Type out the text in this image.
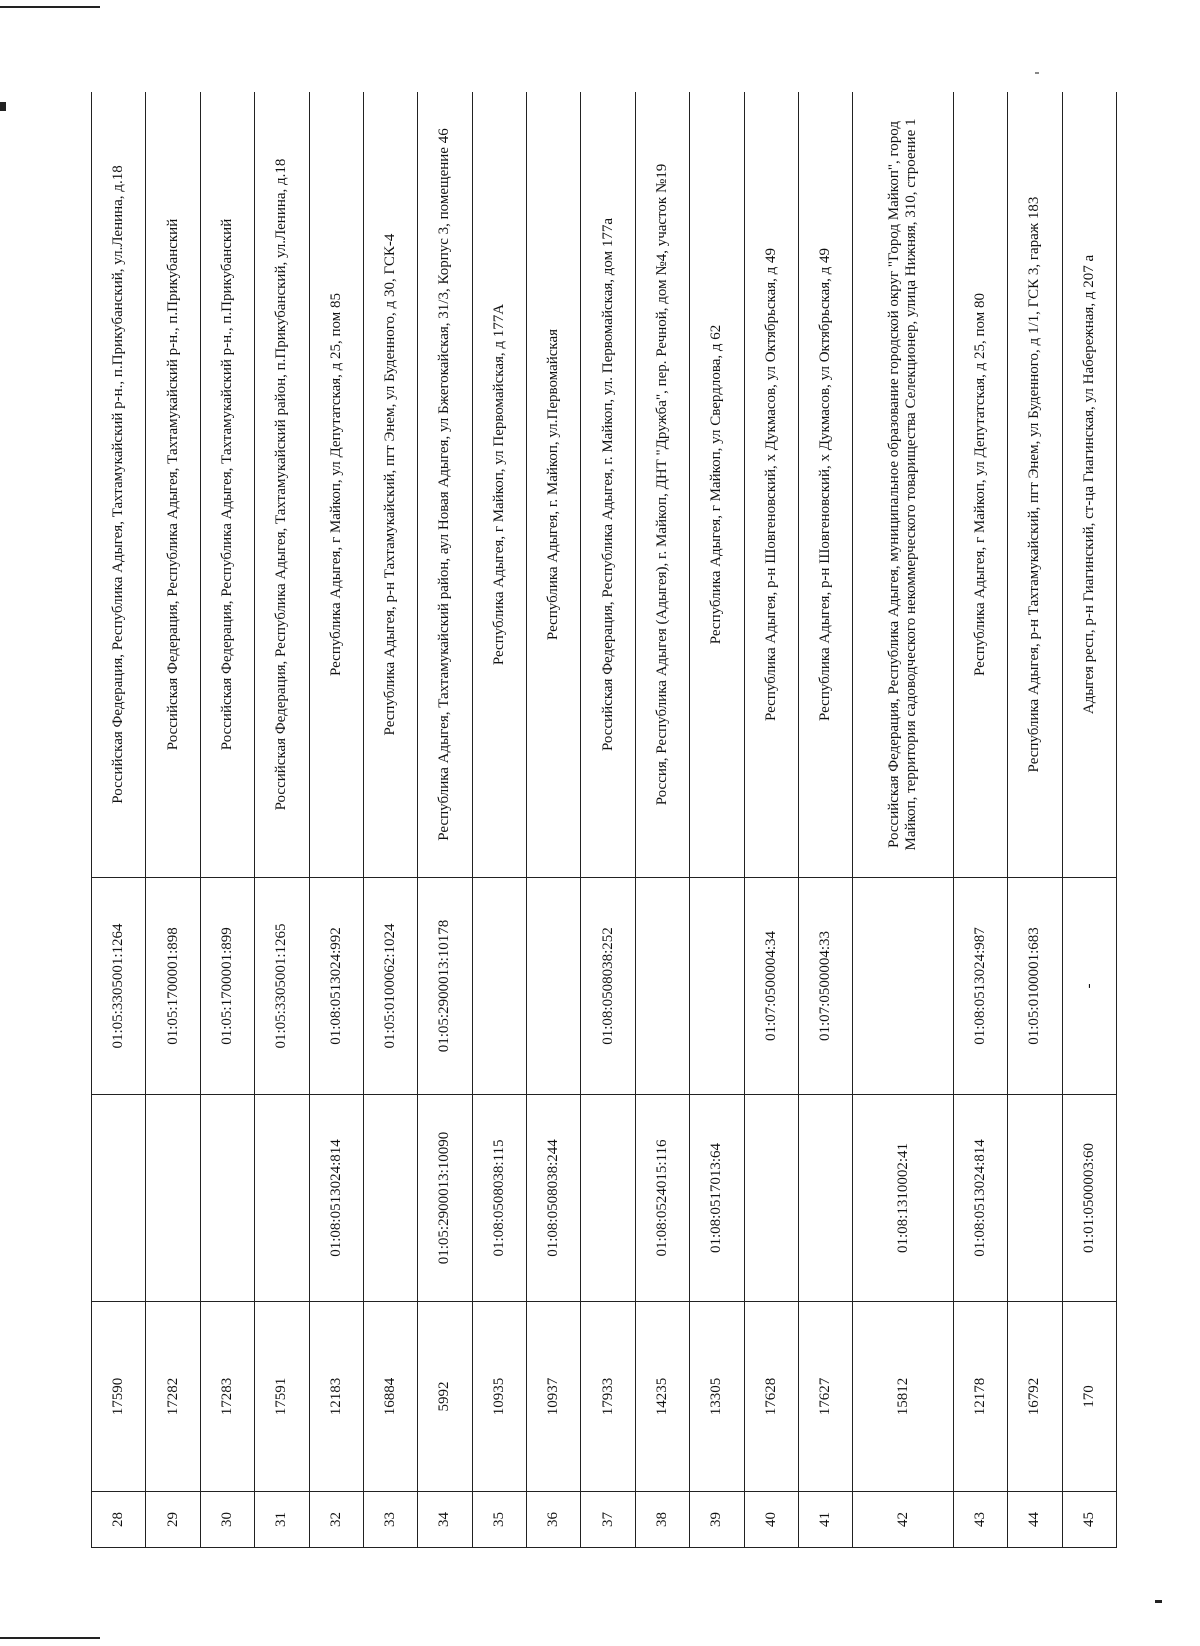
28	17590		01:05:3305001:1264	Российская Федерация, Республика Адыгея, Тахтамукайский р-н., п.Прикубанский, ул.Ленина, д.18
29	17282		01:05:1700001:898	Российская Федерация, Республика Адыгея, Тахтамукайский р-н., п.Прикубанский
30	17283		01:05:1700001:899	Российская Федерация, Республика Адыгея, Тахтамукайский р-н., п.Прикубанский
31	17591		01:05:3305001:1265	Российская Федерация, Республика Адыгея, Тахтамукайский район, п.Прикубанский, ул.Ленина, д.18
32	12183	01:08:0513024:814	01:08:0513024:992	Республика Адыгея, г Майкоп, ул Депутатская, д 25, пом 85
33	16884		01:05:0100062:1024	Республика Адыгея, р-н Тахтамукайский, пгт Энем, ул Буденного, д 30, ГСК-4
34	5992	01:05:2900013:10090	01:05:2900013:10178	Республика Адыгея, Тахтамукайский район, аул Новая Адыгея, ул Бжегокайская, 31/3, Корпус 3, помещение 46
35	10935	01:08:0508038:115		Республика Адыгея, г Майкоп, ул Первомайская, д 177А
36	10937	01:08:0508038:244		Республика Адыгея, г. Майкоп, ул.Первомайская
37	17933		01:08:0508038:252	Российская Федерация, Республика Адыгея, г. Майкоп, ул. Первомайская, дом 177а
38	14235	01:08:0524015:116		Россия, Республика Адыгея (Адыгея), г. Майкоп, ДНТ "Дружба", пер. Речной, дом №4, участок №19
39	13305	01:08:0517013:64		Республика Адыгея, г Майкоп, ул Свердлова, д 62
40	17628		01:07:0500004:34	Республика Адыгея, р-н Шовгеновский, х Дукмасов, ул Октябрьская, д 49
41	17627		01:07:0500004:33	Республика Адыгея, р-н Шовгеновский, х Дукмасов, ул Октябрьская, д 49
42	15812	01:08:1310002:41		Российская Федерация, Республика Адыгея, муниципальное образование городской округ "Город Майкоп", город Майкоп, территория садоводческого некоммерческого товарищества Селекционер, улица Нижняя, 310, строение 1
43	12178	01:08:0513024:814	01:08:0513024:987	Республика Адыгея, г Майкоп, ул Депутатская, д 25, пом 80
44	16792		01:05:0100001:683	Республика Адыгея, р-н Тахтамукайский, пгт Энем, ул Буденного, д 1/1, ГСК 3, гараж 183
45	170	01:01:0500003:60	-	Адыгея респ, р-н Гиагинский, ст-ца Гиагинская, ул Набережная, д 207 а
